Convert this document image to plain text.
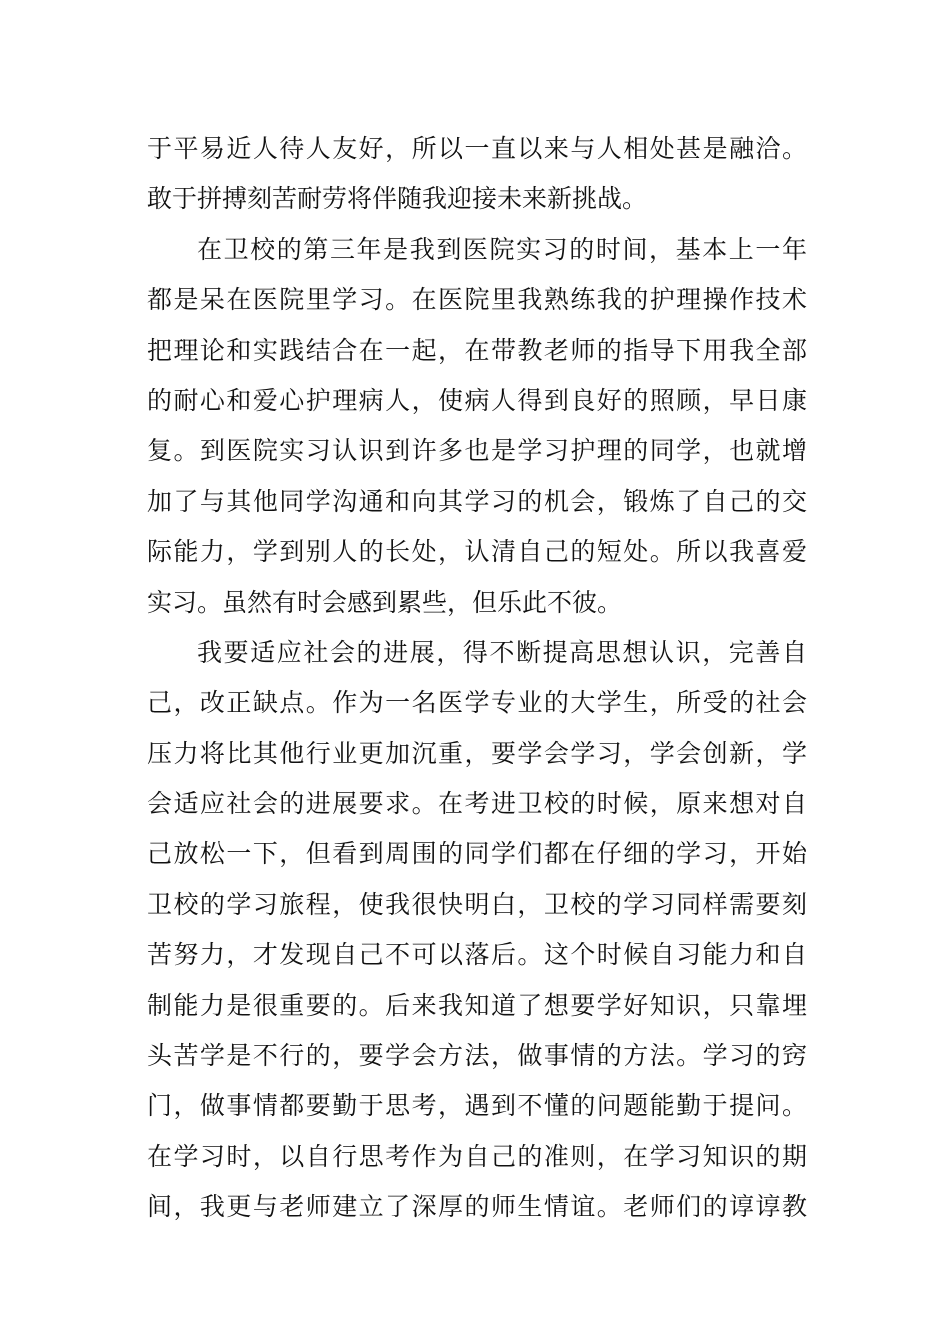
于平易近人待人友好，所以一直以来与人相处甚是融洽。
敢于拼搏刻苦耐劳将伴随我迎接未来新挑战。
在卫校的第三年是我到医院实习的时间，基本上一年
都是呆在医院里学习。在医院里我熟练我的护理操作技术
把理论和实践结合在一起，在带教老师的指导下用我全部
的耐心和爱心护理病人，使病人得到良好的照顾，早日康
复。到医院实习认识到许多也是学习护理的同学，也就增
加了与其他同学沟通和向其学习的机会，锻炼了自己的交
际能力，学到别人的长处，认清自己的短处。所以我喜爱
实习。虽然有时会感到累些，但乐此不彼。
我要适应社会的进展，得不断提高思想认识，完善自
己，改正缺点。作为一名医学专业的大学生，所受的社会
压力将比其他行业更加沉重，要学会学习，学会创新，学
会适应社会的进展要求。在考进卫校的时候，原来想对自
己放松一下，但看到周围的同学们都在仔细的学习，开始
卫校的学习旅程，使我很快明白，卫校的学习同样需要刻
苦努力，才发现自己不可以落后。这个时候自习能力和自
制能力是很重要的。后来我知道了想要学好知识，只靠埋
头苦学是不行的，要学会方法，做事情的方法。学习的窍
门，做事情都要勤于思考，遇到不懂的问题能勤于提问。
在学习时，以自行思考作为自己的准则，在学习知识的期
间，我更与老师建立了深厚的师生情谊。老师们的谆谆教
